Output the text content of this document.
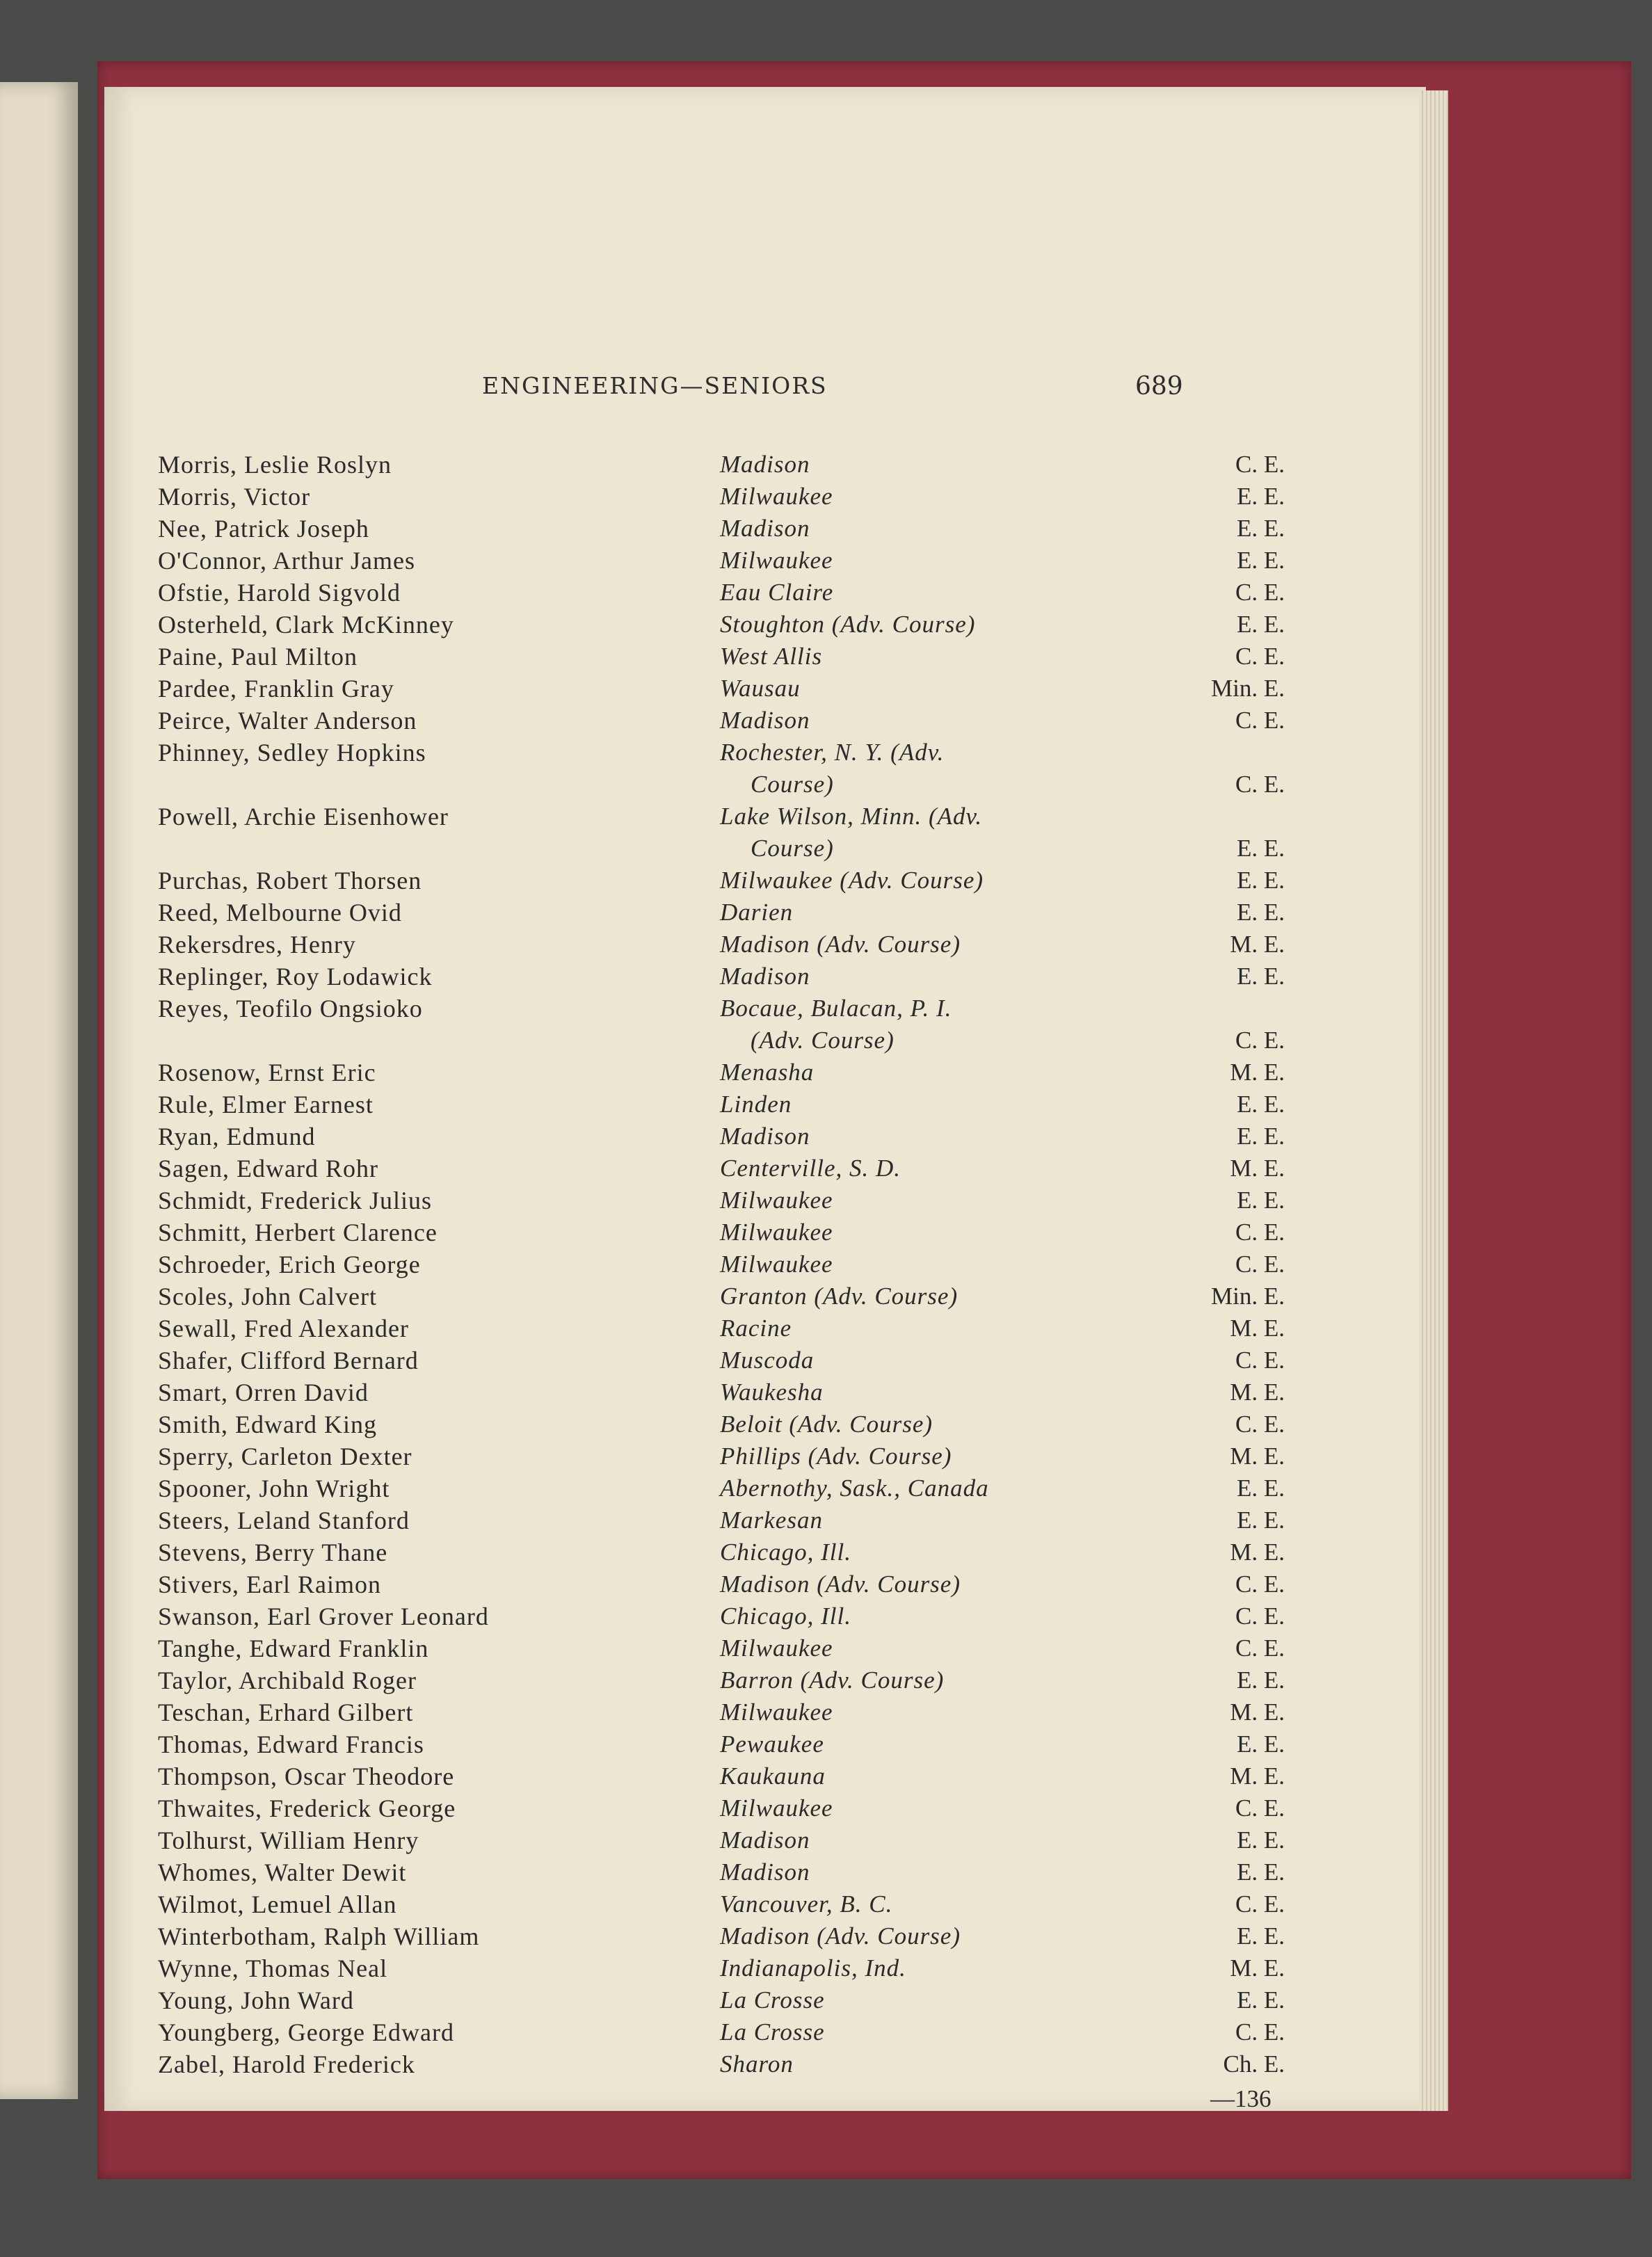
ENGINEERING—SENIORS	689
Morris, Leslie Roslyn	Madison	C. E.
Morris, Victor	Milwaukee	E. E.
Nee, Patrick Joseph	Madison	E. E.
O'Connor, Arthur James	Milwaukee	E. E.
Ofstie, Harold Sigvold	Eau Claire	C. E.
Osterheld, Clark McKinney	Stoughton (Adv. Course)	E. E.
Paine, Paul Milton	West Allis	C. E.
Pardee, Franklin Gray	Wausau	Min. E.
Peirce, Walter Anderson	Madison	C. E.
Phinney, Sedley Hopkins	Rochester, N. Y. (Adv.
Course)	C. E.
Powell, Archie Eisenhower	Lake Wilson, Minn. (Adv.
Course)	E. E.
Purchas, Robert Thorsen	Milwaukee (Adv. Course)	E. E.
Reed, Melbourne Ovid	Darien	E. E.
Rekersdres, Henry	Madison (Adv. Course)	M. E.
Replinger, Roy Lodawick	Madison	E. E.
Reyes, Teofilo Ongsioko	Bocaue, Bulacan, P. I.
(Adv. Course)	C. E.
Rosenow, Ernst Eric	Menasha	M. E.
Rule, Elmer Earnest	Linden	E. E.
Ryan, Edmund	Madison	E. E.
Sagen, Edward Rohr	Centerville, S. D.	M. E.
Schmidt, Frederick Julius	Milwaukee	E. E.
Schmitt, Herbert Clarence	Milwaukee	C. E.
Schroeder, Erich George	Milwaukee	C. E.
Scoles, John Calvert	Granton (Adv. Course)	Min. E.
Sewall, Fred Alexander	Racine	M. E.
Shafer, Clifford Bernard	Muscoda	C. E.
Smart, Orren David	Waukesha	M. E.
Smith, Edward King	Beloit (Adv. Course)	C. E.
Sperry, Carleton Dexter	Phillips (Adv. Course)	M. E.
Spooner, John Wright	Abernothy, Sask., Canada	E. E.
Steers, Leland Stanford	Markesan	E. E.
Stevens, Berry Thane	Chicago, Ill.	M. E.
Stivers, Earl Raimon	Madison (Adv. Course)	C. E.
Swanson, Earl Grover Leonard	Chicago, Ill.	C. E.
Tanghe, Edward Franklin	Milwaukee	C. E.
Taylor, Archibald Roger	Barron (Adv. Course)	E. E.
Teschan, Erhard Gilbert	Milwaukee	M. E.
Thomas, Edward Francis	Pewaukee	E. E.
Thompson, Oscar Theodore	Kaukauna	M. E.
Thwaites, Frederick George	Milwaukee	C. E.
Tolhurst, William Henry	Madison	E. E.
Whomes, Walter Dewit	Madison	E. E.
Wilmot, Lemuel Allan	Vancouver, B. C.	C. E.
Winterbotham, Ralph William	Madison (Adv. Course)	E. E.
Wynne, Thomas Neal	Indianapolis, Ind.	M. E.
Young, John Ward	La Crosse	E. E.
Youngberg, George Edward	La Crosse	C. E.
Zabel, Harold Frederick	Sharon	Ch. E.
—136
